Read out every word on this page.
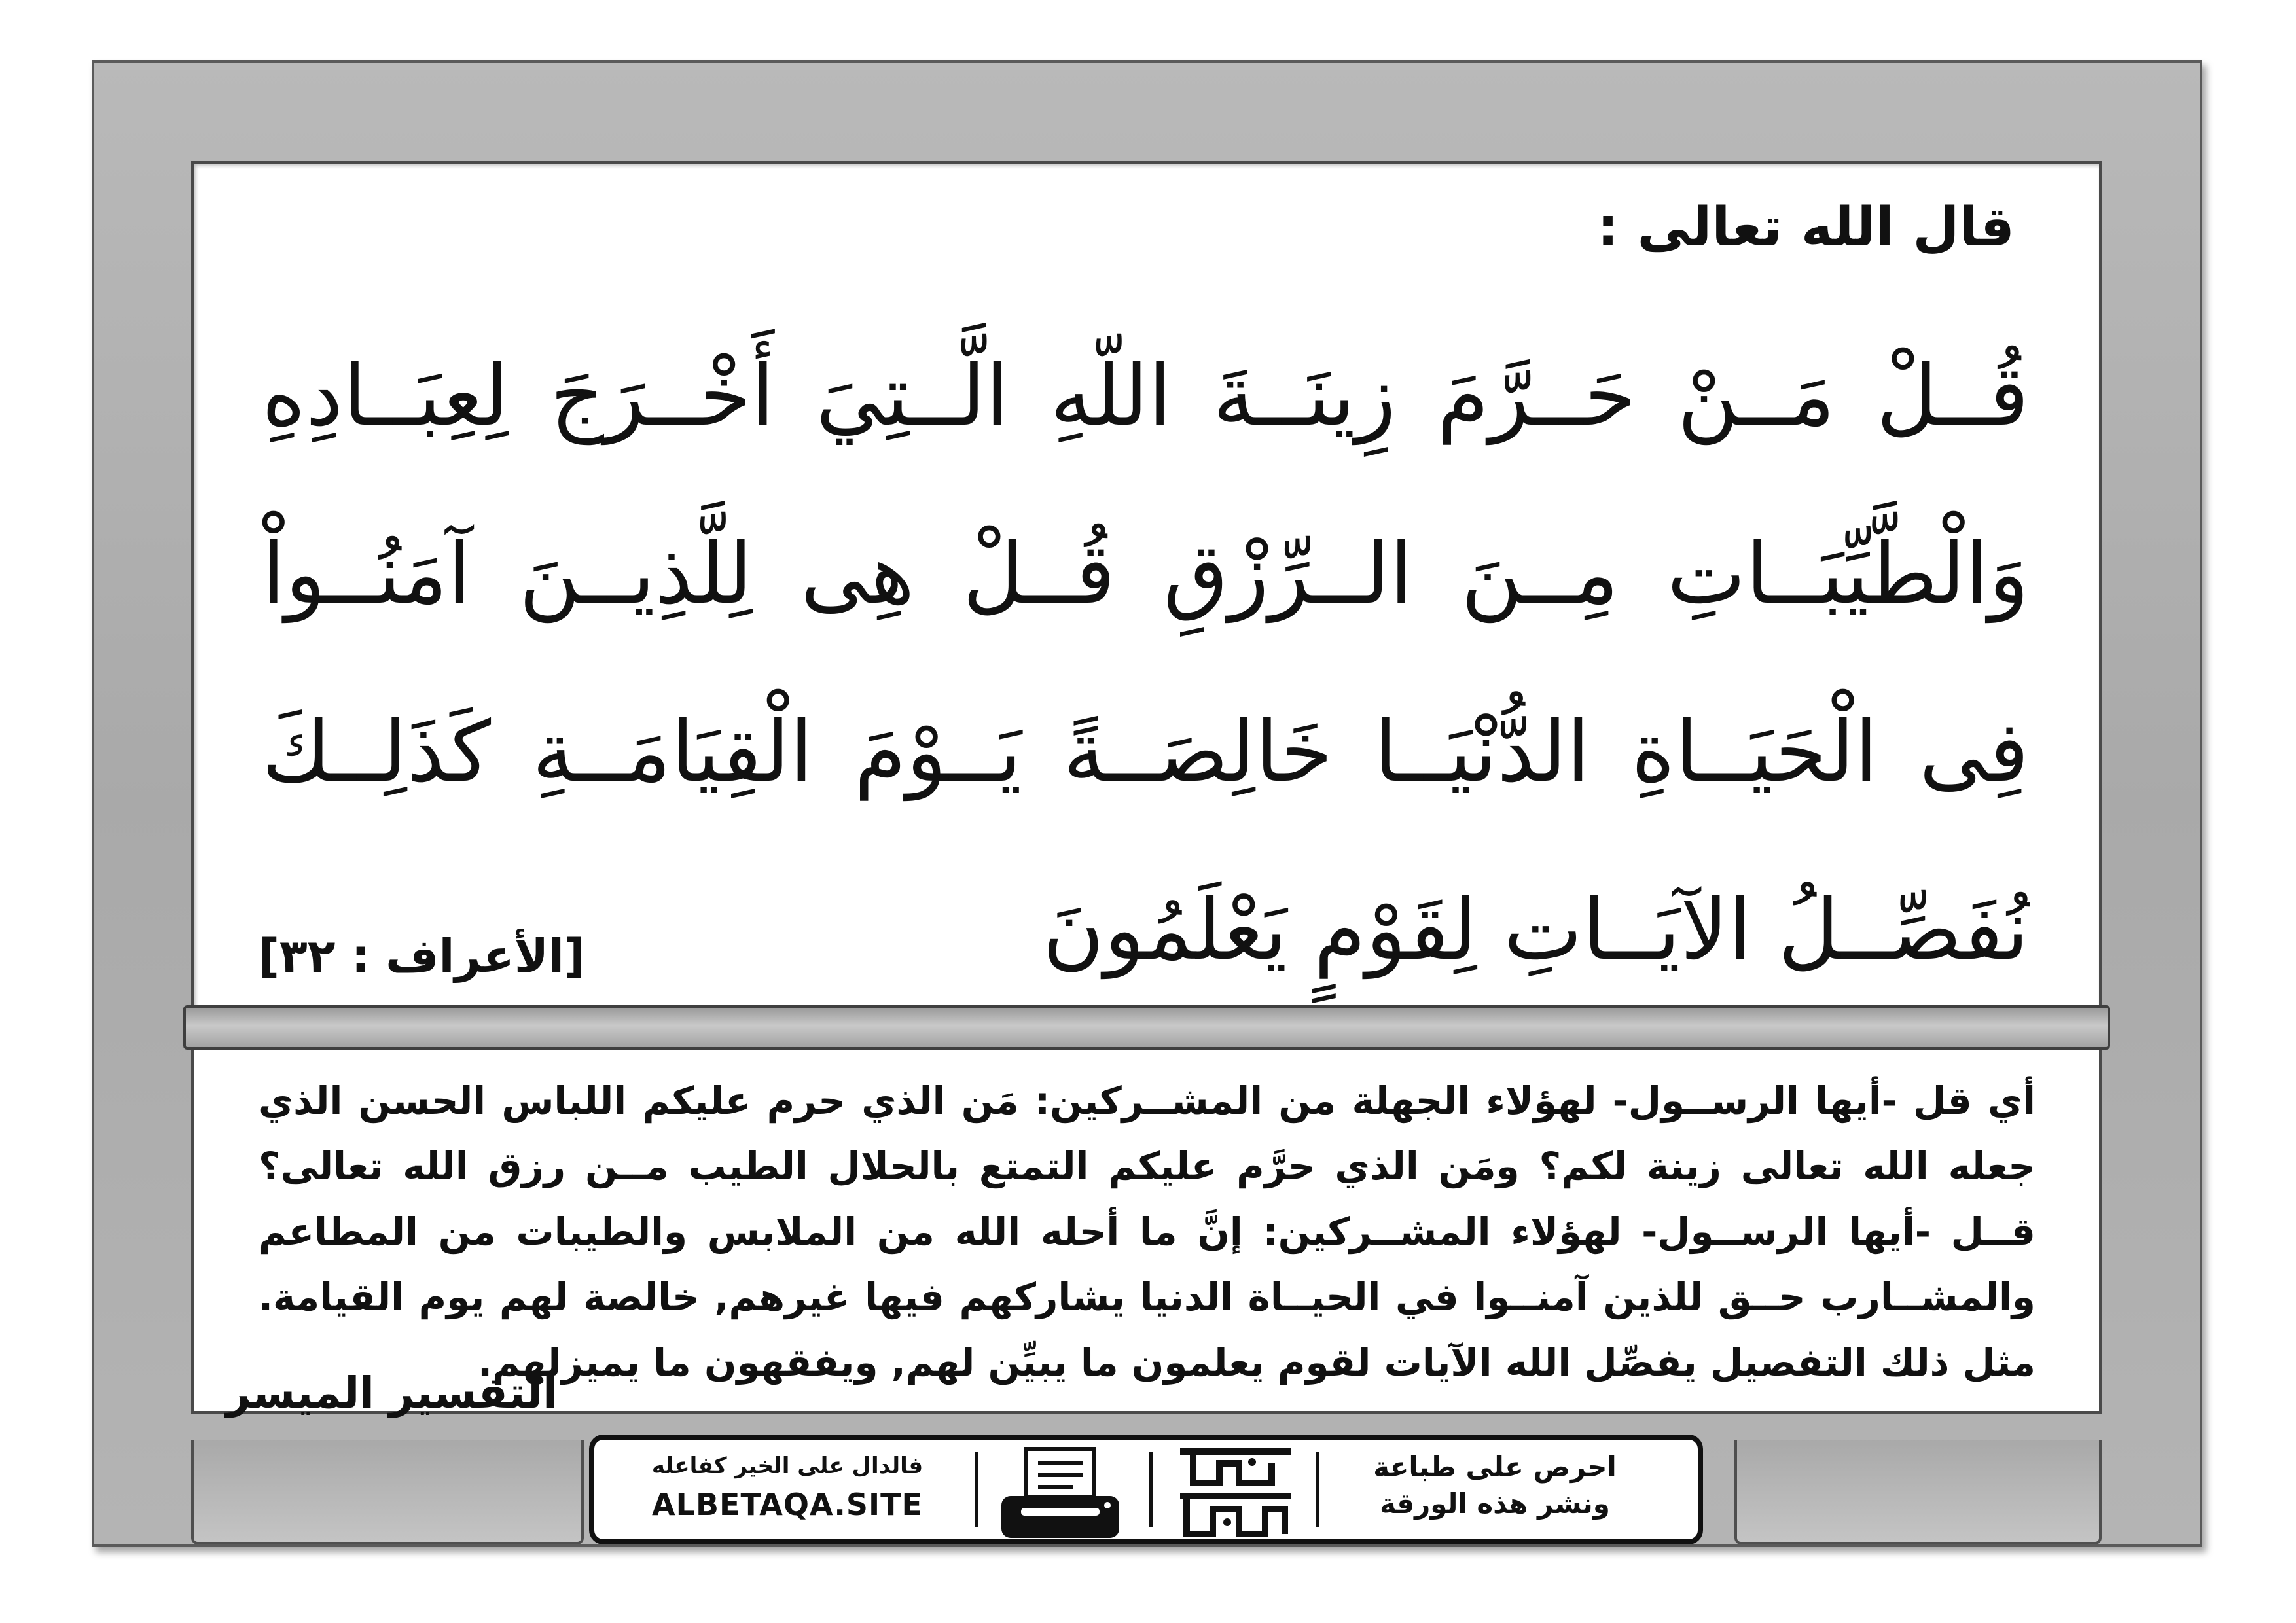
قال الله تعالى :
قُــلْ مَــنْ حَــرَّمَ زِينَــةَ اللّهِ الَّــتِيَ أَخْــرَجَ لِعِبَــادِهِ وَالْطَّيِّبَــاتِ مِــنَ الــرِّزْقِ قُــلْ هِى لِلَّذِيــنَ آمَنُــواْ فِى الْحَيَــاةِ الدُّنْيَــا خَالِصَــةً يَــوْمَ الْقِيَامَــةِ كَذَلِــكَ نُفَصِّــلُ الآيَــاتِ لِقَوْمٍ يَعْلَمُونَ
[الأعراف : ٣٢]
أي قل -أيها الرســول- لهؤلاء الجهلة من المشــركين: مَن الذي حرم عليكم اللباس الحسن الذي جعله الله تعالى زينة لكم؟ ومَن الذي حرَّم عليكم التمتع بالحلال الطيب مــن رزق الله تعالى؟ قــل -أيها الرســول- لهؤلاء المشــركين: إنَّ ما أحله الله من الملابس والطيبات من المطاعم والمشــارب حــق للذين آمنــوا في الحيــاة الدنيا يشاركهم فيها غيرهم, خالصة لهم يوم القيامة. مثل ذلك التفصيل يفصِّل الله الآيات لقوم يعلمون ما يبيِّن لهم, ويفقهون ما يميزلهم.
التفسير الميسر
فالدال على الخير كفاعله
ALBETAQA.SITE
احرص على طباعة
ونشر هذه الورقة
